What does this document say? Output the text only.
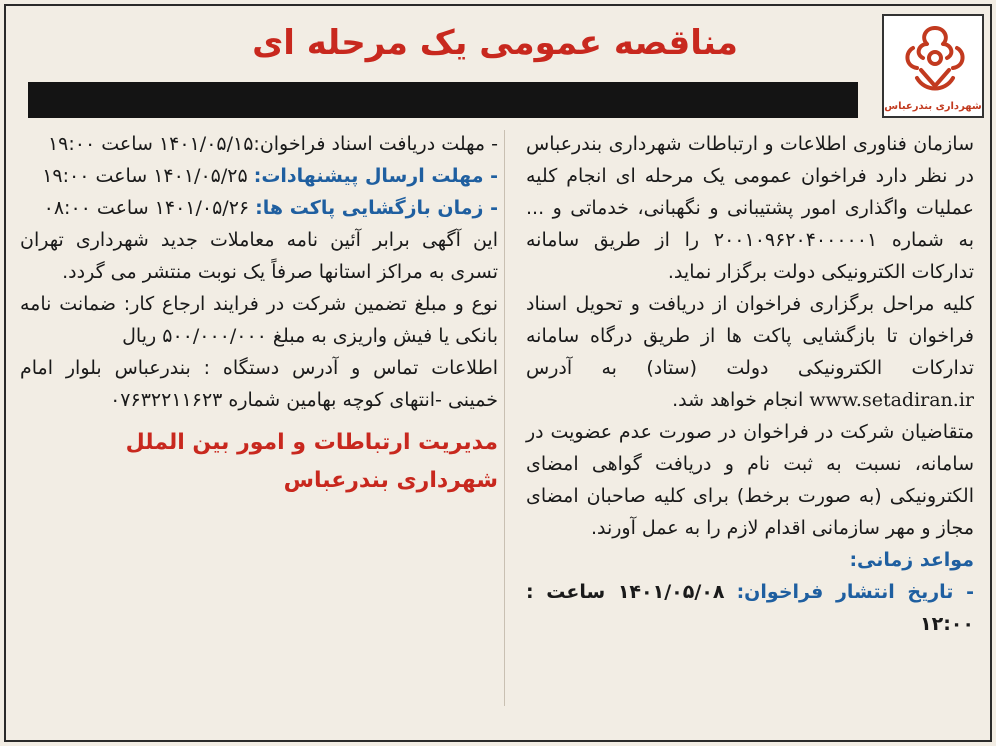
شهرداری بندرعباس
مناقصه عمومی یک مرحله ای

سازمان فناوری اطلاعات و ارتباطات شهرداری بندرعباس در نظر دارد فراخوان عمومی یک مرحله ای انجام کلیه عملیات واگذاری امور پشتیبانی و نگهبانی، خدماتی و ... به شماره ۲۰۰۱۰۹۶۲۰۴۰۰۰۰۰۱ را از طریق سامانه تدارکات الکترونیکی دولت برگزار نماید.

کلیه مراحل برگزاری فراخوان از دریافت و تحویل اسناد فراخوان تا بازگشایی پاکت ها از طریق درگاه سامانه تدارکات الکترونیکی دولت (ستاد) به آدرس www.setadiran.ir انجام خواهد شد.

متقاضیان شرکت در فراخوان در صورت عدم عضویت در سامانه، نسبت به ثبت نام و دریافت گواهی امضای الکترونیکی (به صورت برخط) برای کلیه صاحبان امضای مجاز و مهر سازمانی اقدام لازم را به عمل آورند.

مواعد زمانی:

- تاریخ انتشار فراخوان: ۱۴۰۱/۰۵/۰۸ ساعت : ۱۲:۰۰

- مهلت دریافت اسناد فراخوان:۱۴۰۱/۰۵/۱۵ ساعت ۱۹:۰۰

- مهلت ارسال پیشنهادات: ۱۴۰۱/۰۵/۲۵ ساعت ۱۹:۰۰

- زمان بازگشایی پاکت ها: ۱۴۰۱/۰۵/۲۶ ساعت ۰۸:۰۰

این آگهی برابر آئین نامه معاملات جدید شهرداری تهران تسری به مراکز استانها صرفاً یک نوبت منتشر می گردد.

نوع و مبلغ تضمین شرکت در فرایند ارجاع کار: ضمانت نامه بانکی یا فیش واریزی به مبلغ ۵۰۰/۰۰۰/۰۰۰ ریال

اطلاعات تماس و آدرس دستگاه : بندرعباس بلوار امام خمینی -انتهای کوچه بهامین شماره ۰۷۶۳۲۲۱۱۶۲۳

مدیریت ارتباطات و امور بین الملل

شهرداری بندرعباس
